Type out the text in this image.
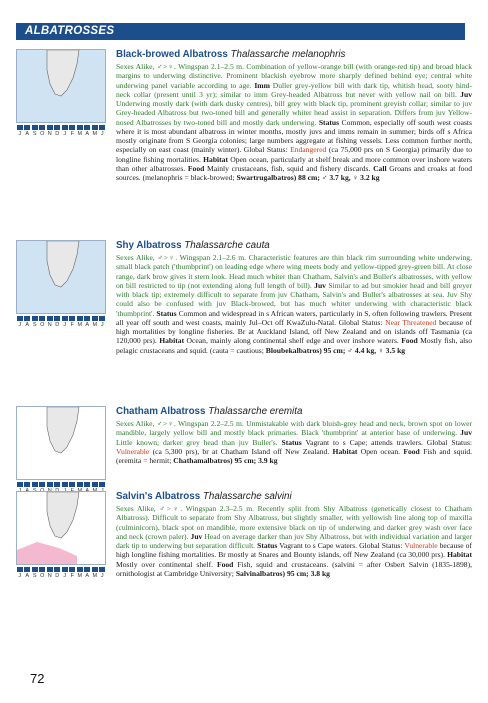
ALBATROSSES
J A S O N D J F M A M J
Black-browed Albatross Thalassarche melanophris
Sexes Alike, ♂>♀. Wingspan 2.1–2.5 m. Combination of yellow-orange bill (with orange-red tip) and broad black margins to underwing distinctive. Prominent blackish eyebrow more sharply defined behind eye; central white underwing panel variable according to age. Imm Duller grey-yellow bill with dark tip, whitish head, sooty hind-neck collar (present until 3 yr); similar to imm Grey-headed Albatross but never with yellow nail on bill. Juv Underwing mostly dark (with dark dusky centres), bill grey with black tip, prominent greyish collar; similar to juv Grey-headed Albatross but two-toned bill and generally whiter head assist in separation. Differs from juv Yellow-nosed Albatrosses by two-toned bill and mostly dark underwing. Status Common, especially off south west coasts where it is most abundant albatross in winter months, mostly juvs and imms remain in summer; birds off s Africa mostly originate from S Georgia colonies; large numbers aggregate at fishing vessels. Less common further north, especially on east coast (mainly winter). Global Status: Endangered (ca 75,000 prs on S Georgia) primarily due to longline fishing mortalities. Habitat Open ocean, particularly at shelf break and more common over inshore waters than other albatrosses. Food Mainly crustaceans, fish, squid and fishery discards. Call Groans and croaks at food sources. (melanophris = black-browed; Swartrugalbatros) 88 cm; ♂ 3.7 kg, ♀ 3.2 kg
J A S O N D J F M A M J
Shy Albatross Thalassarche cauta
Sexes Alike, ♂>♀. Wingspan 2.1–2.6 m. Characteristic features are thin black rim surrounding white underwing, small black patch ('thumbprint') on leading edge where wing meets body and yellow-tipped grey-green bill. At close range, dark brow gives it stern look. Head much whiter than Chatham, Salvin's and Buller's albatrosses, with yellow on bill restricted to tip (not extending along full length of bill). Juv Similar to ad but smokier head and bill greyer with black tip; extremely difficult to separate from juv Chatham, Salvin's and Buller's albatrosses at sea. Juv Shy could also be confused with juv Black-browed, but has much whiter underwing with characteristic black 'thumbprint'. Status Common and widespread in s African waters, particularly in S, often following trawlers. Present all year off south and west coasts, mainly Jul–Oct off KwaZulu-Natal. Global Status: Near Threatened because of high mortalities by longline fisheries. Br at Auckland Island, off New Zealand and on islands off Tasmania (ca 120,000 prs). Habitat Ocean, mainly along continental shelf edge and over inshore waters. Food Mostly fish, also pelagic crustaceans and squid. (cauta = cautious; Bloubekalbatros) 95 cm; ♂ 4.4 kg, ♀ 3.5 kg
Chatham Albatross Thalassarche eremita
Sexes Alike, ♂>♀. Wingspan 2.2–2.5 m. Unmistakable with dark bluish-grey head and neck, brown spot on lower mandible, largely yellow bill and mostly black primaries. Black 'thumbprint' at anterior base of underwing. Juv Little known; darker grey head than juv Buller's. Status Vagrant to s Cape; attends trawlers. Global Status: Vulnerable (ca 5,300 prs), br at Chatham Island off New Zealand. Habitat Open ocean. Food Fish and squid. (eremita = hermit; Chathamalbatros) 95 cm; 3.9 kg
J A S O N D J F M A M J
Salvin's Albatross Thalassarche salvini
Sexes Alike, ♂>♀. Wingspan 2.3–2.5 m. Recently split from Shy Albatross (genetically closest to Chatham Albatross). Difficult to separate from Shy Albatross, but slightly smaller, with yellowish line along top of maxilla (culminicorn), black spot on mandible, more extensive black on tip of underwing and darker grey wash over face and neck (crown paler). Juv Head on average darker than juv Shy Albatross, but with individual variation and larger dark tip to underwing but separation difficult. Status Vagrant to s Cape waters. Global Status: Vulnerable because of high longline fishing mortalities. Br mostly at Snares and Bounty islands, off New Zealand (ca 30,000 prs). Habitat Mostly over continental shelf. Food Fish, squid and crustaceans. (salvini = after Osbert Salvin (1835-1898), ornithologist at Cambridge University; Salvinalbatros) 95 cm; 3.8 kg
72
